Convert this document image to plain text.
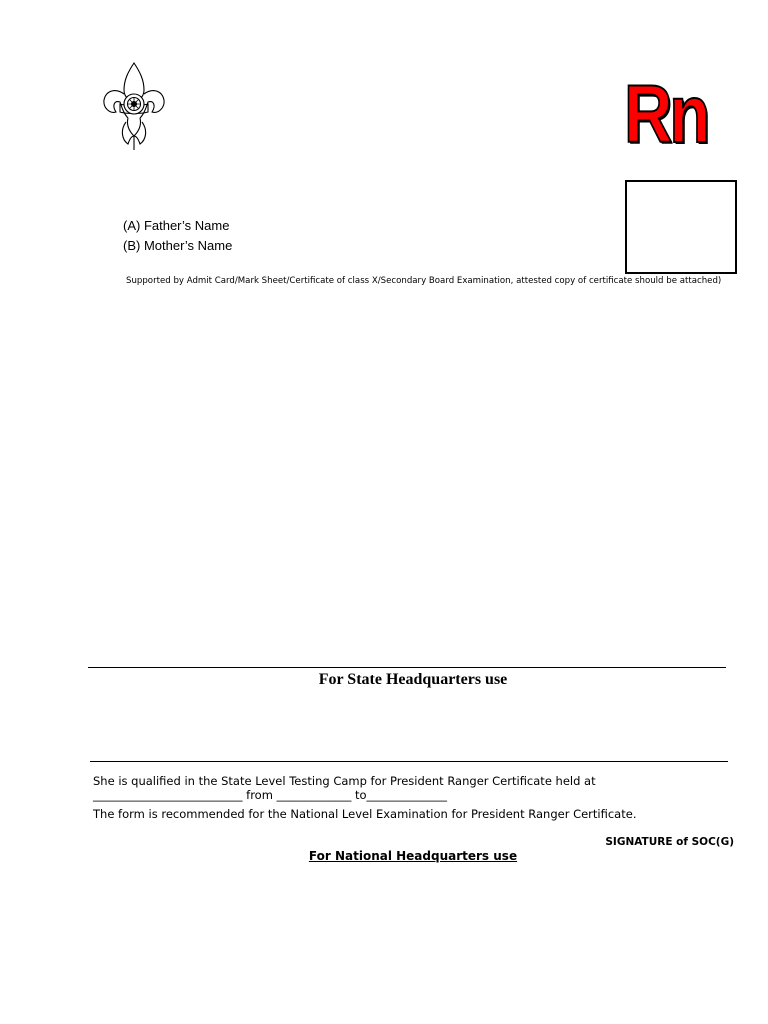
Rn
(A) Father’s Name
(B) Mother’s Name
Supported by Admit Card/Mark Sheet/Certificate of class X/Secondary Board Examination, attested copy of certificate should be attached)
For State Headquarters use
She is qualified in the State Level Testing Camp for President Ranger Certificate held at
__________________________ from _____________ to______________
The form is recommended for the National Level Examination for President Ranger Certificate.
SIGNATURE of SOC(G)
For National Headquarters use
